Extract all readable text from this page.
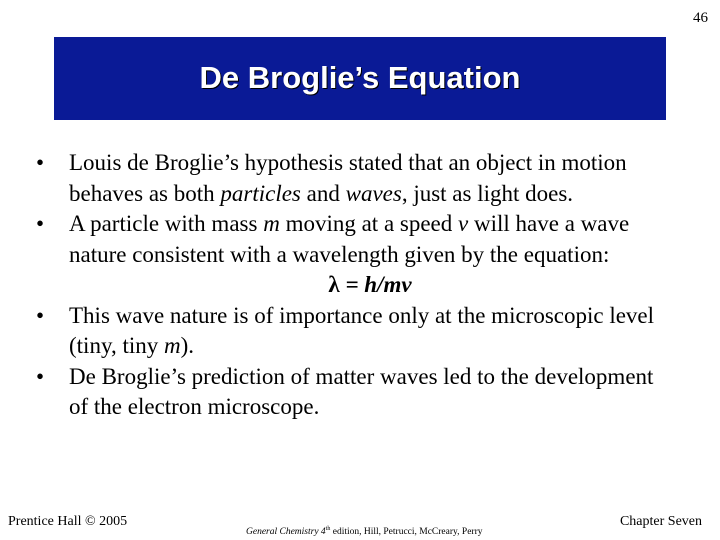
46
De Broglie’s Equation
• Louis de Broglie’s hypothesis stated that an object in motion behaves as both particles and waves, just as light does.
• A particle with mass m moving at a speed v will have a wave nature consistent with a wavelength given by the equation:
λ = h/mv
• This wave nature is of importance only at the microscopic level (tiny, tiny m).
• De Broglie’s prediction of matter waves led to the development of the electron microscope.
Prentice Hall © 2005
General Chemistry 4th edition, Hill, Petrucci, McCreary, Perry
Chapter Seven
